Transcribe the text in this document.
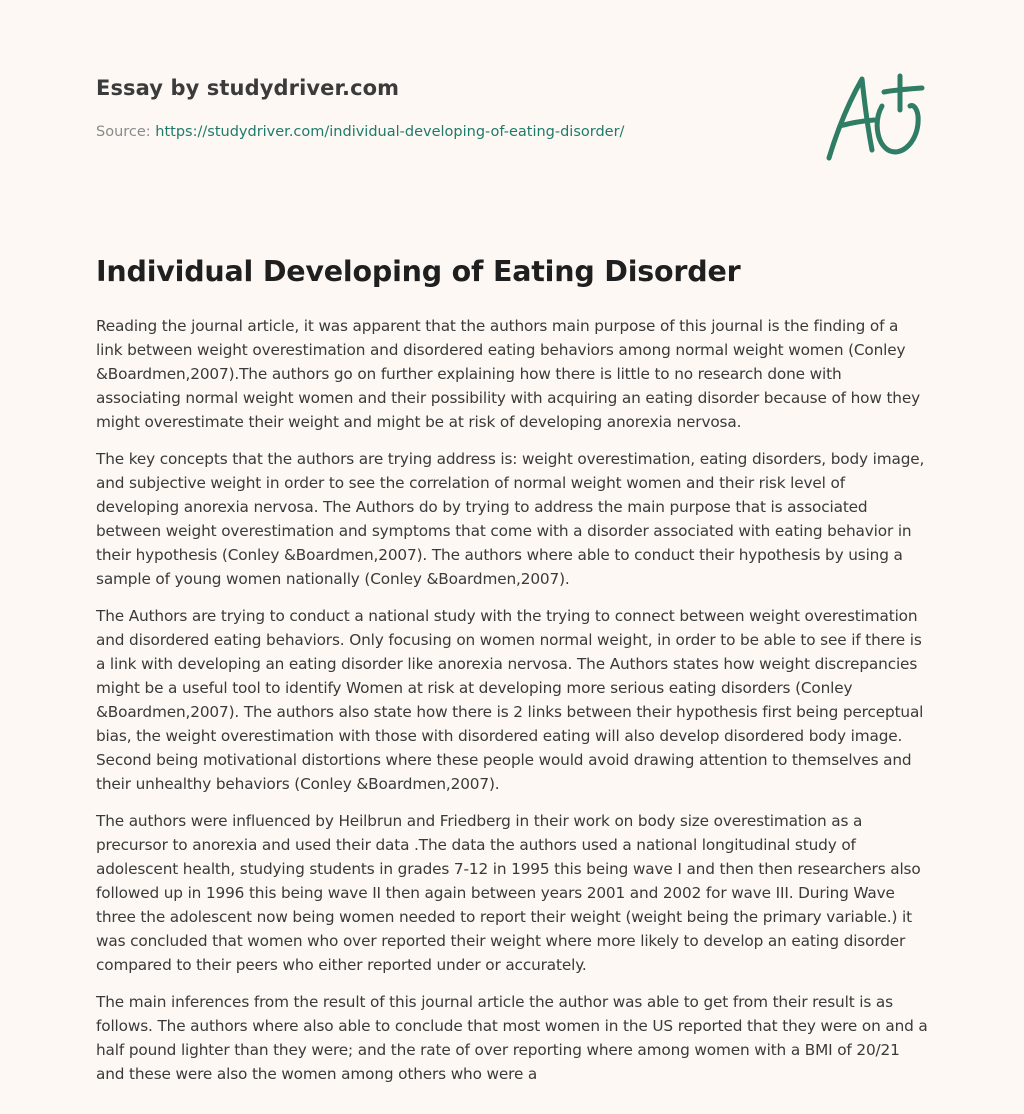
Essay by studydriver.com
Source: https://studydriver.com/individual-developing-of-eating-disorder/
Individual Developing of Eating Disorder

Reading the journal article, it was apparent that the authors main purpose of this journal is the finding of a link between weight overestimation and disordered eating behaviors among normal weight women (Conley &Boardmen,2007).The authors go on further explaining how there is little to no research done with associating normal weight women and their possibility with acquiring an eating disorder because of how they might overestimate their weight and might be at risk of developing anorexia nervosa.

The key concepts that the authors are trying address is: weight overestimation, eating disorders, body image, and subjective weight in order to see the correlation of normal weight women and their risk level of developing anorexia nervosa. The Authors do by trying to address the main purpose that is associated between weight overestimation and symptoms that come with a disorder associated with eating behavior in their hypothesis (Conley &Boardmen,2007). The authors where able to conduct their hypothesis by using a sample of young women nationally (Conley &Boardmen,2007).

The Authors are trying to conduct a national study with the trying to connect between weight overestimation and disordered eating behaviors. Only focusing on women normal weight, in order to be able to see if there is a link with developing an eating disorder like anorexia nervosa. The Authors states how weight discrepancies might be a useful tool to identify Women at risk at developing more serious eating disorders (Conley &Boardmen,2007). The authors also state how there is 2 links between their hypothesis first being perceptual bias, the weight overestimation with those with disordered eating will also develop disordered body image. Second being motivational distortions where these people would avoid drawing attention to themselves and their unhealthy behaviors (Conley &Boardmen,2007).

The authors were influenced by Heilbrun and Friedberg in their work on body size overestimation as a precursor to anorexia and used their data .The data the authors used a national longitudinal study of adolescent health, studying students in grades 7-12 in 1995 this being wave I and then then researchers also followed up in 1996 this being wave II then again between years 2001 and 2002 for wave III. During Wave three the adolescent now being women needed to report their weight (weight being the primary variable.) it was concluded that women who over reported their weight where more likely to develop an eating disorder compared to their peers who either reported under or accurately.

The main inferences from the result of this journal article the author was able to get from their result is as follows. The authors where also able to conclude that most women in the US reported that they were on and a half pound lighter than they were; and the rate of over reporting where among women with a BMI of 20/21 and these were also the women among others who were a
